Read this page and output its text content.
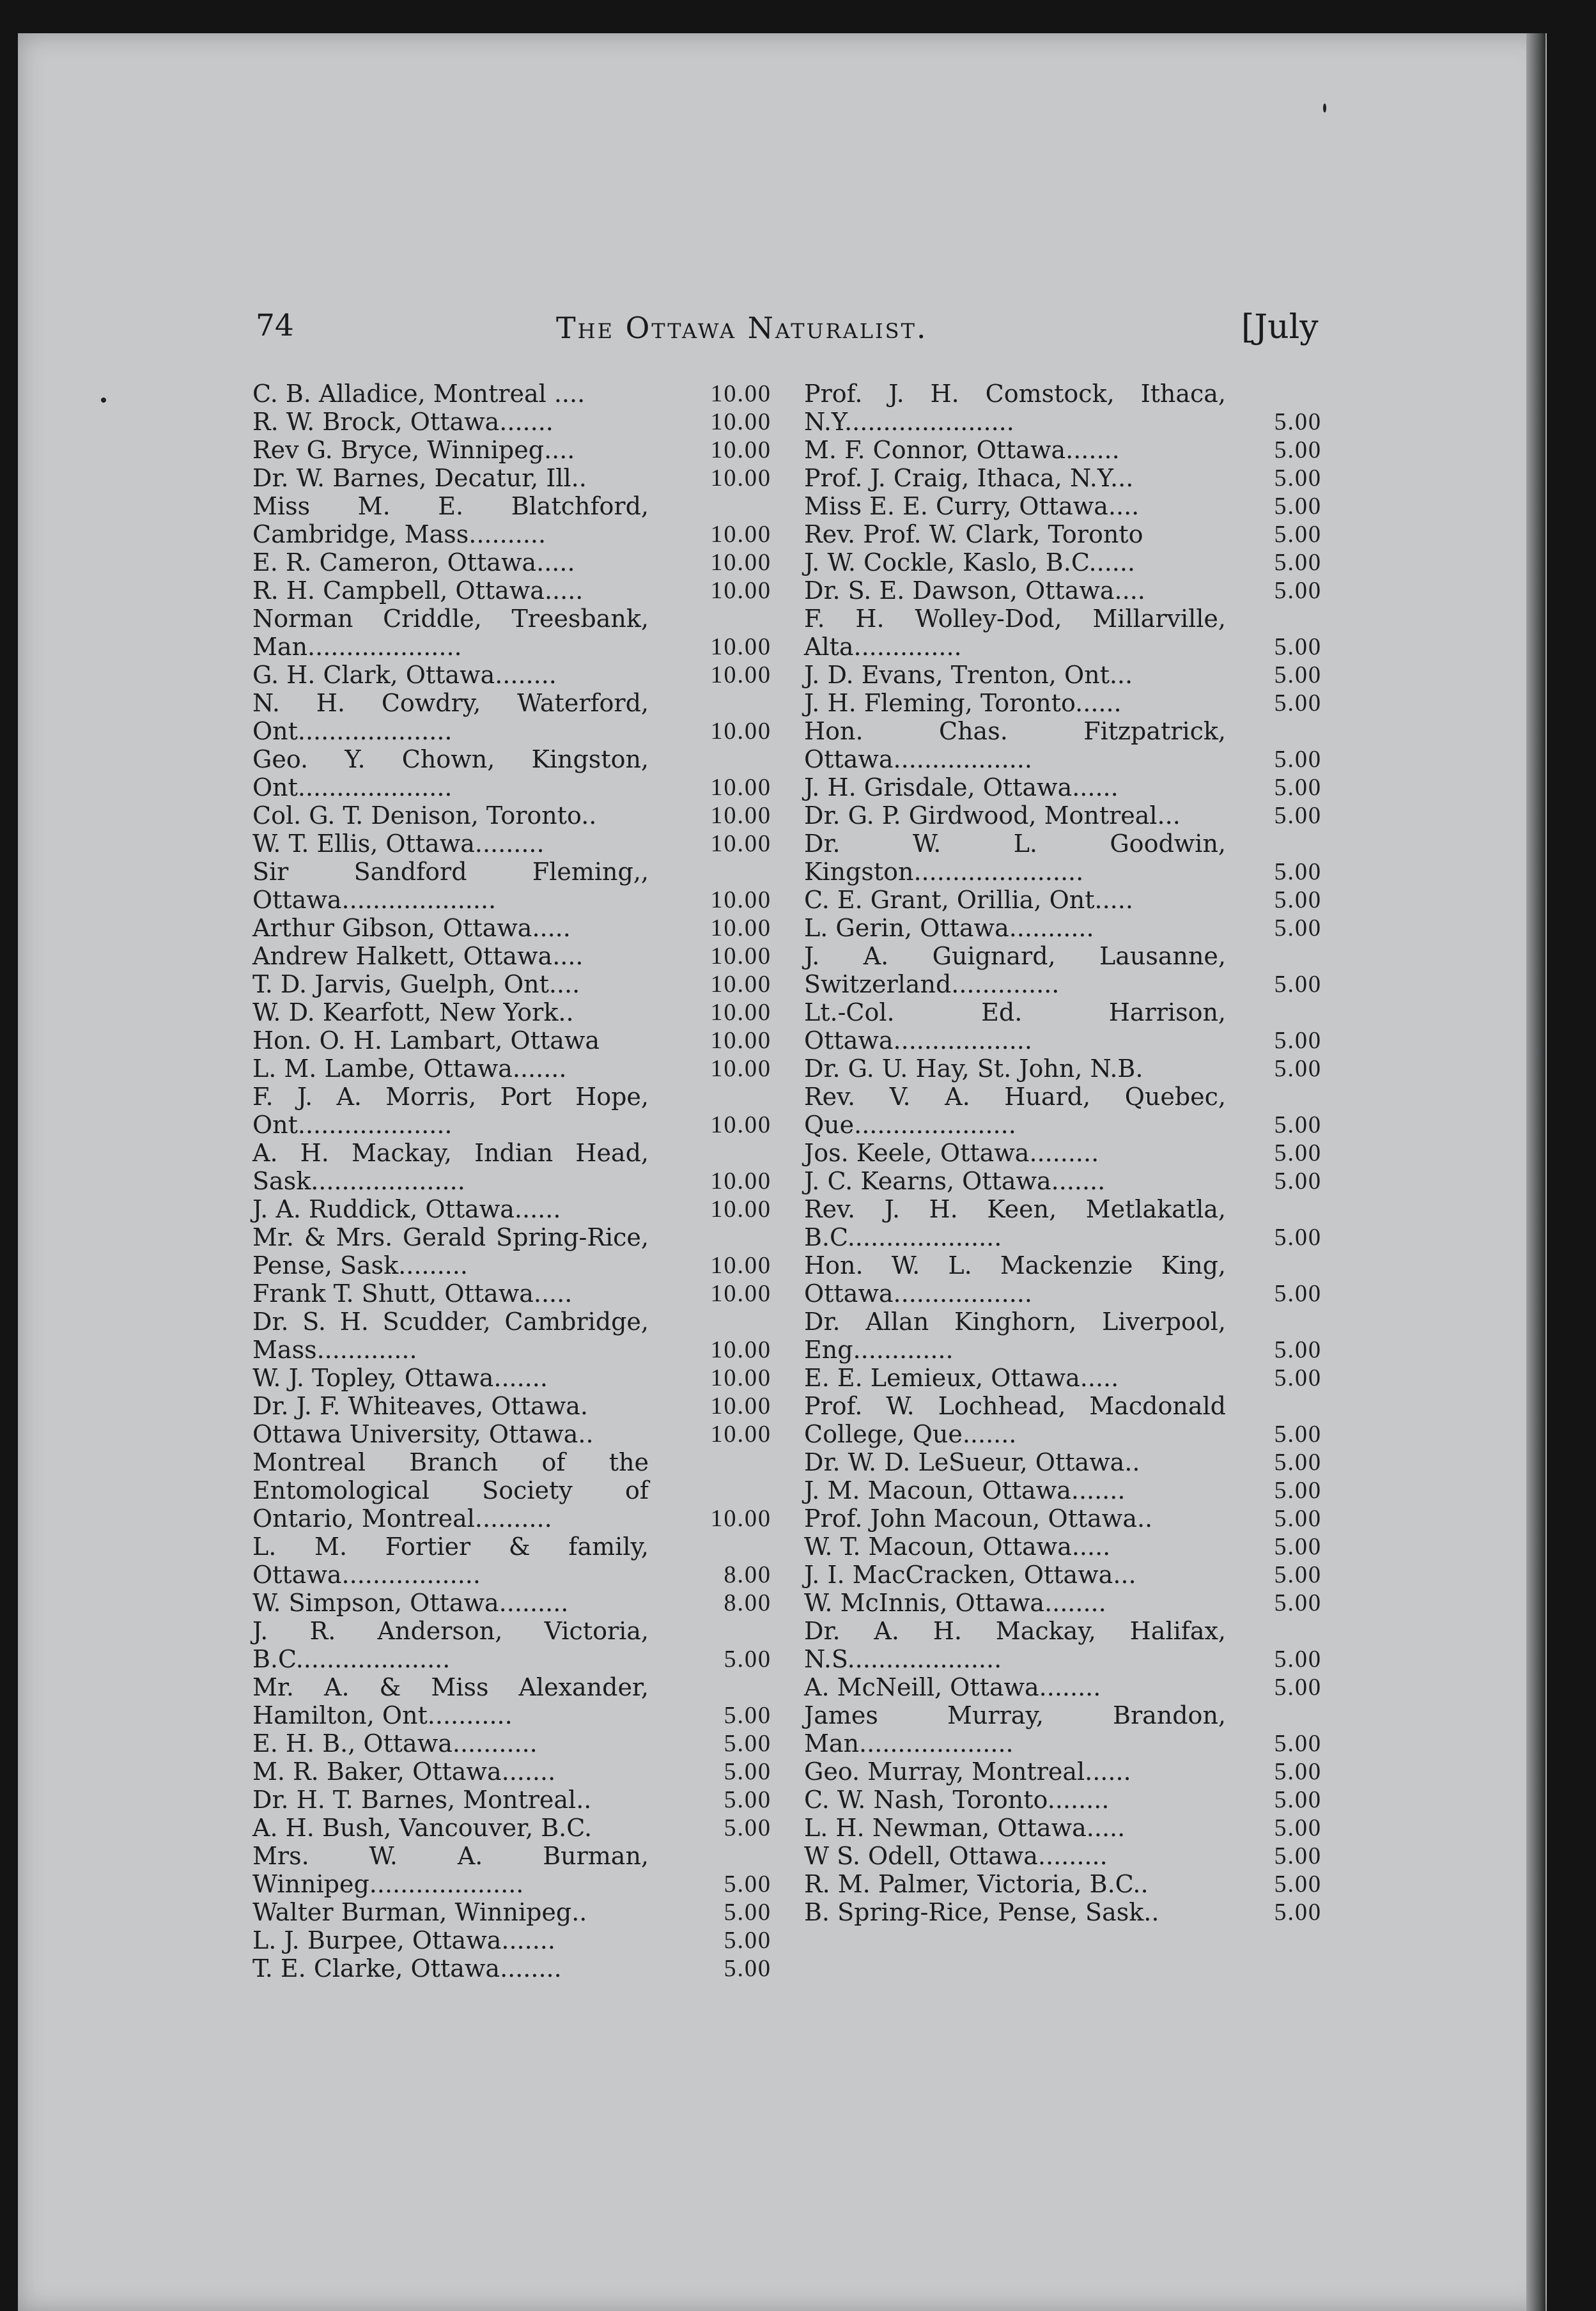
74	The Ottawa Naturalist.	[July
C. B. Alladice, Montreal ....	10.00
R. W. Brock, Ottawa.......	10.00
Rev G. Bryce, Winnipeg....	10.00
Dr. W. Barnes, Decatur, Ill..	10.00
Miss M. E. Blatchford, Cambridge, Mass..........	10.00
E. R. Cameron, Ottawa.....	10.00
R. H. Campbell, Ottawa.....	10.00
Norman Criddle, Treesbank, Man....................	10.00
G. H. Clark, Ottawa........	10.00
N. H. Cowdry, Waterford, Ont....................	10.00
Geo. Y. Chown, Kingston, Ont....................	10.00
Col. G. T. Denison, Toronto..	10.00
W. T. Ellis, Ottawa.........	10.00
Sir Sandford Fleming,, Ottawa....................	10.00
Arthur Gibson, Ottawa.....	10.00
Andrew Halkett, Ottawa....	10.00
T. D. Jarvis, Guelph, Ont....	10.00
W. D. Kearfott, New York..	10.00
Hon. O. H. Lambart, Ottawa	10.00
L. M. Lambe, Ottawa.......	10.00
F. J. A. Morris, Port Hope, Ont....................	10.00
A. H. Mackay, Indian Head, Sask....................	10.00
J. A. Ruddick, Ottawa......	10.00
Mr. & Mrs. Gerald Spring-Rice, Pense, Sask.........	10.00
Frank T. Shutt, Ottawa.....	10.00
Dr. S. H. Scudder, Cambridge, Mass.............	10.00
W. J. Topley, Ottawa.......	10.00
Dr. J. F. Whiteaves, Ottawa.	10.00
Ottawa University, Ottawa..	10.00
Montreal Branch of the Entomological Society of Ontario, Montreal..........	10.00
L. M. Fortier & family, Ottawa..................	8.00
W. Simpson, Ottawa.........	8.00
J. R. Anderson, Victoria, B.C....................	5.00
Mr. A. & Miss Alexander, Hamilton, Ont...........	5.00
E. H. B., Ottawa...........	5.00
M. R. Baker, Ottawa.......	5.00
Dr. H. T. Barnes, Montreal..	5.00
A. H. Bush, Vancouver, B.C.	5.00
Mrs. W. A. Burman, Winnipeg....................	5.00
Walter Burman, Winnipeg..	5.00
L. J. Burpee, Ottawa.......	5.00
T. E. Clarke, Ottawa........	5.00
Prof. J. H. Comstock, Ithaca, N.Y......................	5.00
M. F. Connor, Ottawa.......	5.00
Prof. J. Craig, Ithaca, N.Y...	5.00
Miss E. E. Curry, Ottawa....	5.00
Rev. Prof. W. Clark, Toronto	5.00
J. W. Cockle, Kaslo, B.C......	5.00
Dr. S. E. Dawson, Ottawa....	5.00
F. H. Wolley-Dod, Millarville, Alta..............	5.00
J. D. Evans, Trenton, Ont...	5.00
J. H. Fleming, Toronto......	5.00
Hon. Chas. Fitzpatrick, Ottawa..................	5.00
J. H. Grisdale, Ottawa......	5.00
Dr. G. P. Girdwood, Montreal...	5.00
Dr. W. L. Goodwin, Kingston......................	5.00
C. E. Grant, Orillia, Ont.....	5.00
L. Gerin, Ottawa...........	5.00
J. A. Guignard, Lausanne, Switzerland..............	5.00
Lt.-Col. Ed. Harrison, Ottawa..................	5.00
Dr. G. U. Hay, St. John, N.B.	5.00
Rev. V. A. Huard, Quebec, Que.....................	5.00
Jos. Keele, Ottawa.........	5.00
J. C. Kearns, Ottawa.......	5.00
Rev. J. H. Keen, Metlakatla, B.C....................	5.00
Hon. W. L. Mackenzie King, Ottawa..................	5.00
Dr. Allan Kinghorn, Liverpool, Eng.............	5.00
E. E. Lemieux, Ottawa.....	5.00
Prof. W. Lochhead, Macdonald College, Que.......	5.00
Dr. W. D. LeSueur, Ottawa..	5.00
J. M. Macoun, Ottawa.......	5.00
Prof. John Macoun, Ottawa..	5.00
W. T. Macoun, Ottawa.....	5.00
J. I. MacCracken, Ottawa...	5.00
W. McInnis, Ottawa........	5.00
Dr. A. H. Mackay, Halifax, N.S....................	5.00
A. McNeill, Ottawa........	5.00
James Murray, Brandon, Man....................	5.00
Geo. Murray, Montreal......	5.00
C. W. Nash, Toronto........	5.00
L. H. Newman, Ottawa.....	5.00
W S. Odell, Ottawa.........	5.00
R. M. Palmer, Victoria, B.C..	5.00
B. Spring-Rice, Pense, Sask..	5.00
